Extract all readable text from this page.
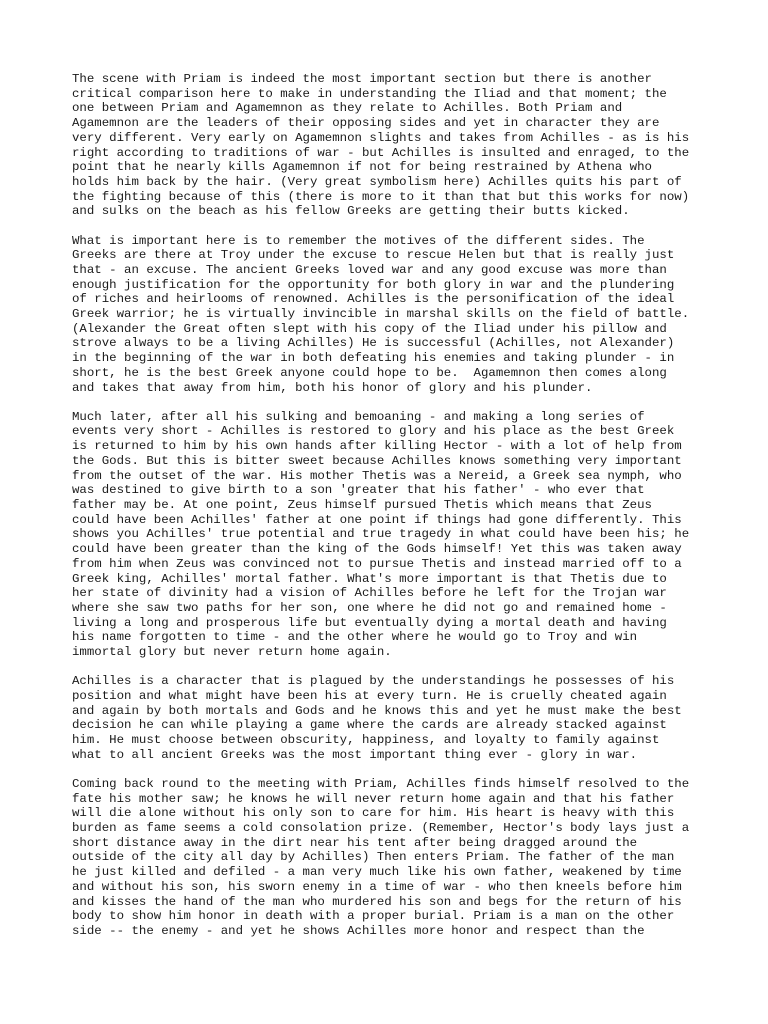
The scene with Priam is indeed the most important section but there is another
critical comparison here to make in understanding the Iliad and that moment; the
one between Priam and Agamemnon as they relate to Achilles. Both Priam and
Agamemnon are the leaders of their opposing sides and yet in character they are
very different. Very early on Agamemnon slights and takes from Achilles - as is his
right according to traditions of war - but Achilles is insulted and enraged, to the
point that he nearly kills Agamemnon if not for being restrained by Athena who
holds him back by the hair. (Very great symbolism here) Achilles quits his part of
the fighting because of this (there is more to it than that but this works for now)
and sulks on the beach as his fellow Greeks are getting their butts kicked.

What is important here is to remember the motives of the different sides. The
Greeks are there at Troy under the excuse to rescue Helen but that is really just
that - an excuse. The ancient Greeks loved war and any good excuse was more than
enough justification for the opportunity for both glory in war and the plundering
of riches and heirlooms of renowned. Achilles is the personification of the ideal
Greek warrior; he is virtually invincible in marshal skills on the field of battle.
(Alexander the Great often slept with his copy of the Iliad under his pillow and
strove always to be a living Achilles) He is successful (Achilles, not Alexander)
in the beginning of the war in both defeating his enemies and taking plunder - in
short, he is the best Greek anyone could hope to be.  Agamemnon then comes along
and takes that away from him, both his honor of glory and his plunder.

Much later, after all his sulking and bemoaning - and making a long series of
events very short - Achilles is restored to glory and his place as the best Greek
is returned to him by his own hands after killing Hector - with a lot of help from
the Gods. But this is bitter sweet because Achilles knows something very important
from the outset of the war. His mother Thetis was a Nereid, a Greek sea nymph, who
was destined to give birth to a son 'greater that his father' - who ever that
father may be. At one point, Zeus himself pursued Thetis which means that Zeus
could have been Achilles' father at one point if things had gone differently. This
shows you Achilles' true potential and true tragedy in what could have been his; he
could have been greater than the king of the Gods himself! Yet this was taken away
from him when Zeus was convinced not to pursue Thetis and instead married off to a
Greek king, Achilles' mortal father. What's more important is that Thetis due to
her state of divinity had a vision of Achilles before he left for the Trojan war
where she saw two paths for her son, one where he did not go and remained home -
living a long and prosperous life but eventually dying a mortal death and having
his name forgotten to time - and the other where he would go to Troy and win
immortal glory but never return home again.

Achilles is a character that is plagued by the understandings he possesses of his
position and what might have been his at every turn. He is cruelly cheated again
and again by both mortals and Gods and he knows this and yet he must make the best
decision he can while playing a game where the cards are already stacked against
him. He must choose between obscurity, happiness, and loyalty to family against
what to all ancient Greeks was the most important thing ever - glory in war.

Coming back round to the meeting with Priam, Achilles finds himself resolved to the
fate his mother saw; he knows he will never return home again and that his father
will die alone without his only son to care for him. His heart is heavy with this
burden as fame seems a cold consolation prize. (Remember, Hector's body lays just a
short distance away in the dirt near his tent after being dragged around the
outside of the city all day by Achilles) Then enters Priam. The father of the man
he just killed and defiled - a man very much like his own father, weakened by time
and without his son, his sworn enemy in a time of war - who then kneels before him
and kisses the hand of the man who murdered his son and begs for the return of his
body to show him honor in death with a proper burial. Priam is a man on the other
side -- the enemy - and yet he shows Achilles more honor and respect than the
